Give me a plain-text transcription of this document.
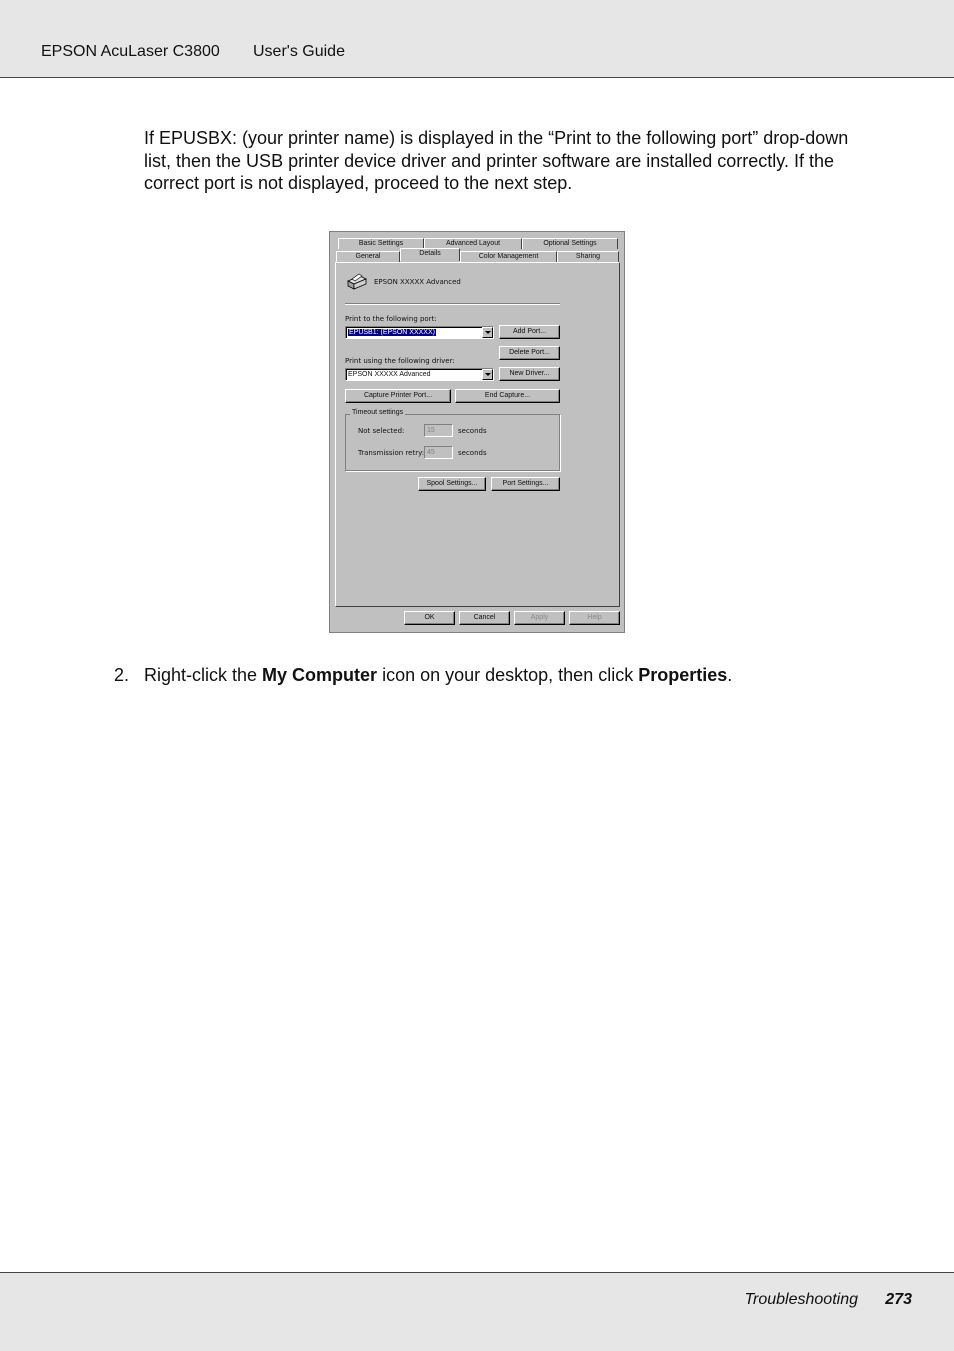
EPSON AcuLaser C3800 User's Guide

If EPUSBX: (your printer name) is displayed in the “Print to the following port” drop-down list, then the USB printer device driver and printer software are installed correctly. If the correct port is not displayed, proceed to the next step.

Basic Settings	Advanced Layout	Optional Settings
General	Details	Color Management	Sharing
EPSON XXXXX Advanced
Print to the following port:
EPUSB1: (EPSON XXXXX)	Add Port...
Delete Port...
Print using the following driver:
EPSON XXXXX Advanced	New Driver...
Capture Printer Port...	End Capture...
Timeout settings
Not selected:	15	seconds
Transmission retry: 45	seconds
Spool Settings...	Port Settings...
OK	Cancel	Apply	Help
2. Right-click the My Computer icon on your desktop, then click Properties.
Troubleshooting 273
